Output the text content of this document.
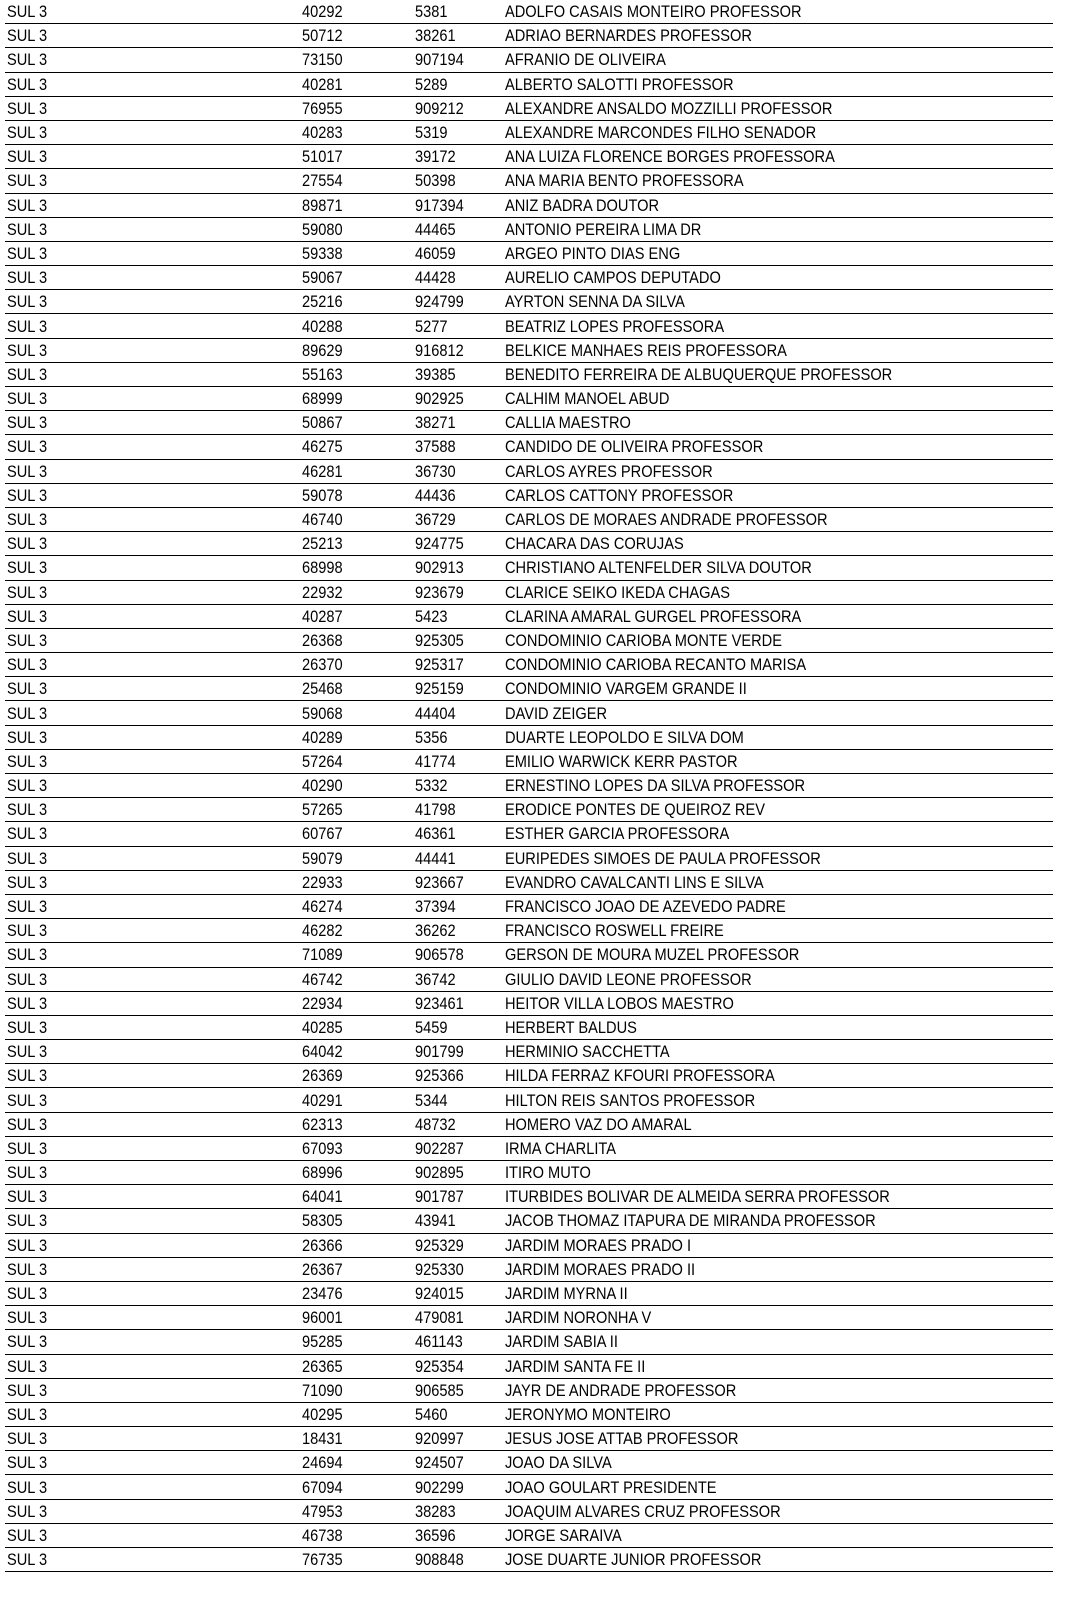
SUL 3	40292	5381	ADOLFO CASAIS MONTEIRO PROFESSOR
SUL 3	50712	38261	ADRIAO BERNARDES PROFESSOR
SUL 3	73150	907194	AFRANIO DE OLIVEIRA
SUL 3	40281	5289	ALBERTO SALOTTI PROFESSOR
SUL 3	76955	909212	ALEXANDRE ANSALDO MOZZILLI PROFESSOR
SUL 3	40283	5319	ALEXANDRE MARCONDES FILHO SENADOR
SUL 3	51017	39172	ANA LUIZA FLORENCE BORGES PROFESSORA
SUL 3	27554	50398	ANA MARIA BENTO PROFESSORA
SUL 3	89871	917394	ANIZ BADRA DOUTOR
SUL 3	59080	44465	ANTONIO PEREIRA LIMA DR
SUL 3	59338	46059	ARGEO PINTO DIAS ENG
SUL 3	59067	44428	AURELIO CAMPOS DEPUTADO
SUL 3	25216	924799	AYRTON SENNA DA SILVA
SUL 3	40288	5277	BEATRIZ LOPES PROFESSORA
SUL 3	89629	916812	BELKICE MANHAES REIS PROFESSORA
SUL 3	55163	39385	BENEDITO FERREIRA DE ALBUQUERQUE PROFESSOR
SUL 3	68999	902925	CALHIM MANOEL ABUD
SUL 3	50867	38271	CALLIA MAESTRO
SUL 3	46275	37588	CANDIDO DE OLIVEIRA PROFESSOR
SUL 3	46281	36730	CARLOS AYRES PROFESSOR
SUL 3	59078	44436	CARLOS CATTONY PROFESSOR
SUL 3	46740	36729	CARLOS DE MORAES ANDRADE PROFESSOR
SUL 3	25213	924775	CHACARA DAS CORUJAS
SUL 3	68998	902913	CHRISTIANO ALTENFELDER SILVA DOUTOR
SUL 3	22932	923679	CLARICE SEIKO IKEDA CHAGAS
SUL 3	40287	5423	CLARINA AMARAL GURGEL PROFESSORA
SUL 3	26368	925305	CONDOMINIO CARIOBA MONTE VERDE
SUL 3	26370	925317	CONDOMINIO CARIOBA RECANTO MARISA
SUL 3	25468	925159	CONDOMINIO VARGEM GRANDE II
SUL 3	59068	44404	DAVID ZEIGER
SUL 3	40289	5356	DUARTE LEOPOLDO E SILVA DOM
SUL 3	57264	41774	EMILIO WARWICK KERR PASTOR
SUL 3	40290	5332	ERNESTINO LOPES DA SILVA PROFESSOR
SUL 3	57265	41798	ERODICE PONTES DE QUEIROZ REV
SUL 3	60767	46361	ESTHER GARCIA PROFESSORA
SUL 3	59079	44441	EURIPEDES SIMOES DE PAULA PROFESSOR
SUL 3	22933	923667	EVANDRO CAVALCANTI LINS E SILVA
SUL 3	46274	37394	FRANCISCO JOAO DE AZEVEDO PADRE
SUL 3	46282	36262	FRANCISCO ROSWELL FREIRE
SUL 3	71089	906578	GERSON DE MOURA MUZEL PROFESSOR
SUL 3	46742	36742	GIULIO DAVID LEONE PROFESSOR
SUL 3	22934	923461	HEITOR VILLA LOBOS MAESTRO
SUL 3	40285	5459	HERBERT BALDUS
SUL 3	64042	901799	HERMINIO SACCHETTA
SUL 3	26369	925366	HILDA FERRAZ KFOURI PROFESSORA
SUL 3	40291	5344	HILTON REIS SANTOS PROFESSOR
SUL 3	62313	48732	HOMERO VAZ DO AMARAL
SUL 3	67093	902287	IRMA CHARLITA
SUL 3	68996	902895	ITIRO MUTO
SUL 3	64041	901787	ITURBIDES BOLIVAR DE ALMEIDA SERRA PROFESSOR
SUL 3	58305	43941	JACOB THOMAZ ITAPURA DE MIRANDA PROFESSOR
SUL 3	26366	925329	JARDIM MORAES PRADO I
SUL 3	26367	925330	JARDIM MORAES PRADO II
SUL 3	23476	924015	JARDIM MYRNA II
SUL 3	96001	479081	JARDIM NORONHA V
SUL 3	95285	461143	JARDIM SABIA II
SUL 3	26365	925354	JARDIM SANTA FE II
SUL 3	71090	906585	JAYR DE ANDRADE PROFESSOR
SUL 3	40295	5460	JERONYMO MONTEIRO
SUL 3	18431	920997	JESUS JOSE ATTAB PROFESSOR
SUL 3	24694	924507	JOAO DA SILVA
SUL 3	67094	902299	JOAO GOULART PRESIDENTE
SUL 3	47953	38283	JOAQUIM ALVARES CRUZ PROFESSOR
SUL 3	46738	36596	JORGE SARAIVA
SUL 3	76735	908848	JOSE DUARTE JUNIOR PROFESSOR
